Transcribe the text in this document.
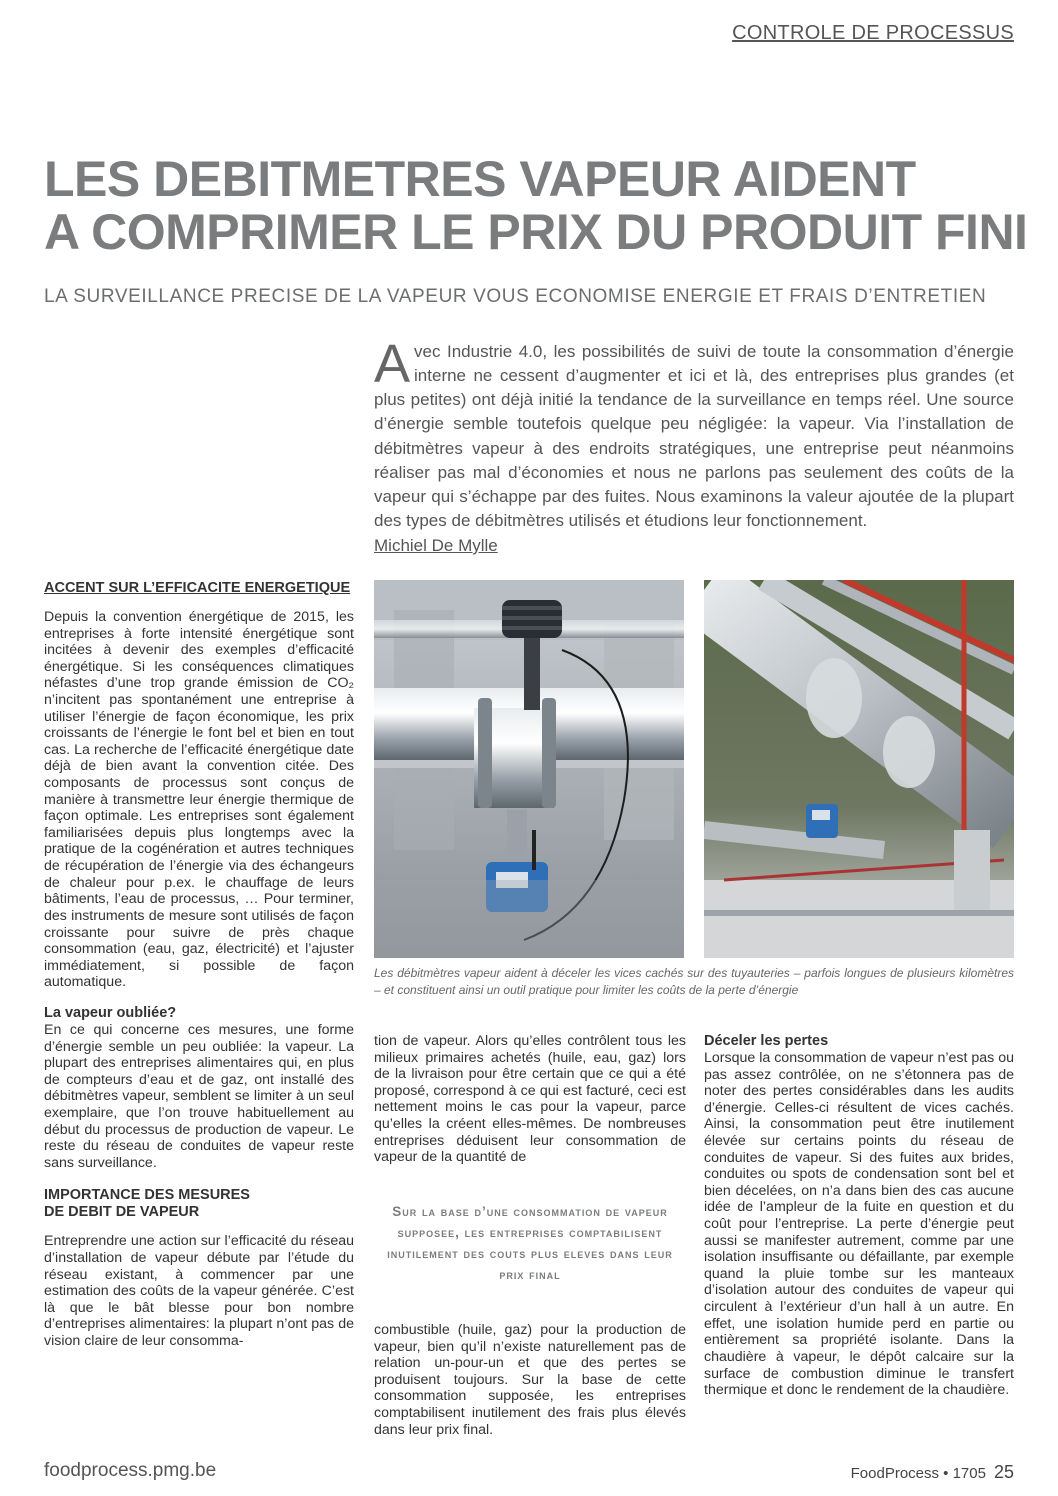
CONTROLE DE PROCESSUS
LES DEBITMETRES VAPEUR AIDENT
A COMPRIMER LE PRIX DU PRODUIT FINI
LA SURVEILLANCE PRECISE DE LA VAPEUR VOUS ECONOMISE ENERGIE ET FRAIS D’ENTRETIEN
Avec Industrie 4.0, les possibilités de suivi de toute la consommation d’énergie interne ne cessent d’augmenter et ici et là, des entreprises plus grandes (et plus petites) ont déjà initié la tendance de la surveillance en temps réel. Une source d’énergie semble toutefois quelque peu négligée: la vapeur. Via l’installation de débitmètres vapeur à des endroits stratégiques, une entreprise peut néanmoins réaliser pas mal d’économies et nous ne parlons pas seulement des coûts de la vapeur qui s’échappe par des fuites. Nous examinons la valeur ajoutée de la plupart des types de débitmètres utilisés et étudions leur fonctionnement.
Michiel De Mylle
ACCENT SUR L’EFFICACITE ENERGETIQUE

Depuis la convention énergétique de 2015, les entreprises à forte intensité énergétique sont incitées à devenir des exemples d’efficacité énergétique. Si les conséquences climatiques néfastes d’une trop grande émission de CO₂ n’incitent pas spontanément une entreprise à utiliser l’énergie de façon économique, les prix croissants de l’énergie le font bel et bien en tout cas. La recherche de l’efficacité énergétique date déjà de bien avant la convention citée. Des composants de processus sont conçus de manière à transmettre leur énergie thermique de façon optimale. Les entreprises sont également familiarisées depuis plus longtemps avec la pratique de la cogénération et autres techniques de récupération de l’énergie via des échangeurs de chaleur pour p.ex. le chauffage de leurs bâtiments, l’eau de processus, … Pour terminer, des instruments de mesure sont utilisés de façon croissante pour suivre de près chaque consommation (eau, gaz, électricité) et l’ajuster immédiatement, si possible de façon automatique.

La vapeur oubliée?

En ce qui concerne ces mesures, une forme d’énergie semble un peu oubliée: la vapeur. La plupart des entreprises alimentaires qui, en plus de compteurs d’eau et de gaz, ont installé des débitmètres vapeur, semblent se limiter à un seul exemplaire, que l’on trouve habituellement au début du processus de production de vapeur. Le reste du réseau de conduites de vapeur reste sans surveillance.

IMPORTANCE DES MESURES
DE DEBIT DE VAPEUR

Entreprendre une action sur l’efficacité du réseau d’installation de vapeur débute par l’étude du réseau existant, à commencer par une estimation des coûts de la vapeur générée. C’est là que le bât blesse pour bon nombre d’entreprises alimentaires: la plupart n’ont pas de vision claire de leur consomma-

Les débitmètres vapeur aident à déceler les vices cachés sur des tuyauteries – parfois longues de plusieurs kilomètres – et constituent ainsi un outil pratique pour limiter les coûts de la perte d’énergie

tion de vapeur. Alors qu’elles contrôlent tous les milieux primaires achetés (huile, eau, gaz) lors de la livraison pour être certain que ce qui a été proposé, correspond à ce qui est facturé, ceci est nettement moins le cas pour la vapeur, parce qu’elles la créent elles-mêmes. De nombreuses entreprises déduisent leur consommation de vapeur de la quantité de

Sur la base d’une consommation de vapeur supposee, les entreprises comptabilisent inutilement des couts plus eleves dans leur prix final

combustible (huile, gaz) pour la production de vapeur, bien qu’il n’existe naturellement pas de relation un-pour-un et que des pertes se produisent toujours. Sur la base de cette consommation supposée, les entreprises comptabilisent inutilement des frais plus élevés dans leur prix final.

Déceler les pertes

Lorsque la consommation de vapeur n’est pas ou pas assez contrôlée, on ne s’étonnera pas de noter des pertes considérables dans les audits d’énergie. Celles-ci résultent de vices cachés. Ainsi, la consommation peut être inutilement élevée sur certains points du réseau de conduites de vapeur. Si des fuites aux brides, conduites ou spots de condensation sont bel et bien décelées, on n’a dans bien des cas aucune idée de l’ampleur de la fuite en question et du coût pour l’entreprise. La perte d’énergie peut aussi se manifester autrement, comme par une isolation insuffisante ou défaillante, par exemple quand la pluie tombe sur les manteaux d’isolation autour des conduites de vapeur qui circulent à l’extérieur d’un hall à un autre. En effet, une isolation humide perd en partie ou entièrement sa propriété isolante. Dans la chaudière à vapeur, le dépôt calcaire sur la surface de combustion diminue le transfert thermique et donc le rendement de la chaudière.

foodprocess.pmg.be	FoodProcess • 1705 25
